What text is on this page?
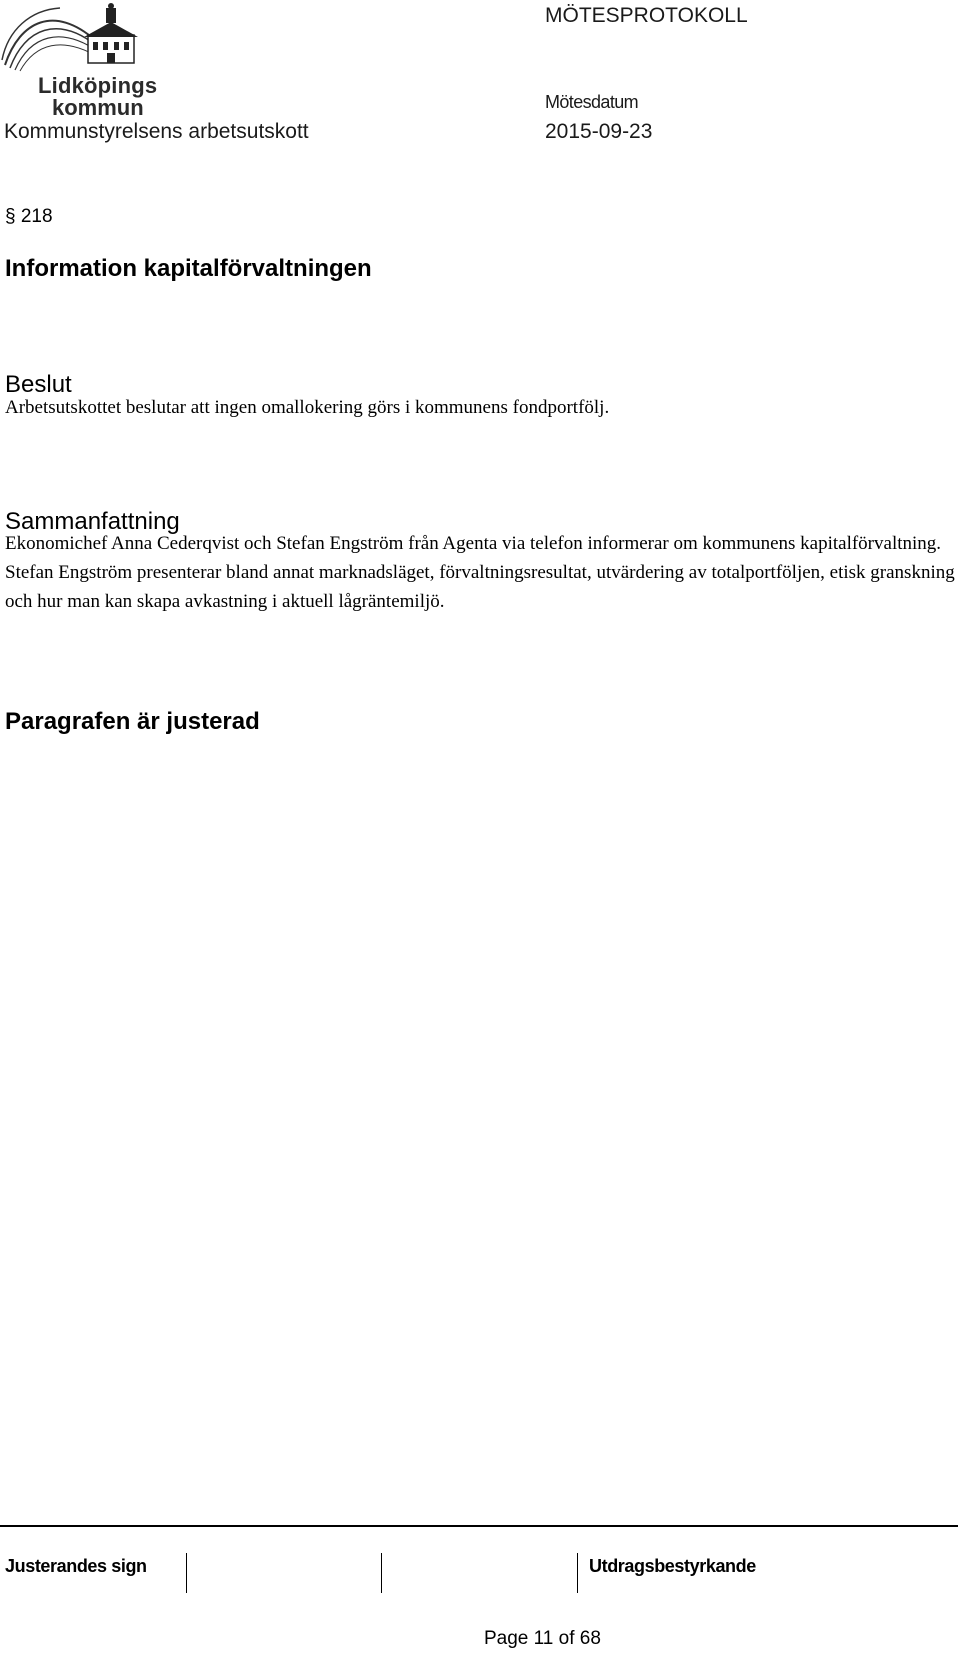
Lidköpings
kommun
MÖTESPROTOKOLL
Mötesdatum
Kommunstyrelsens arbetsutskott	2015-09-23
§ 218
Information kapitalförvaltningen
Beslut
Arbetsutskottet beslutar att ingen omallokering görs i kommunens fondportfölj.
Sammanfattning
Ekonomichef Anna Cederqvist och Stefan Engström från Agenta via telefon informerar om kommunens kapitalförvaltning. Stefan Engström presenterar bland annat marknadsläget, förvaltningsresultat, utvärdering av totalportföljen, etisk granskning och hur man kan skapa avkastning i aktuell lågräntemiljö.
Paragrafen är justerad
Justerandes sign	Utdragsbestyrkande
Page 11 of 68
